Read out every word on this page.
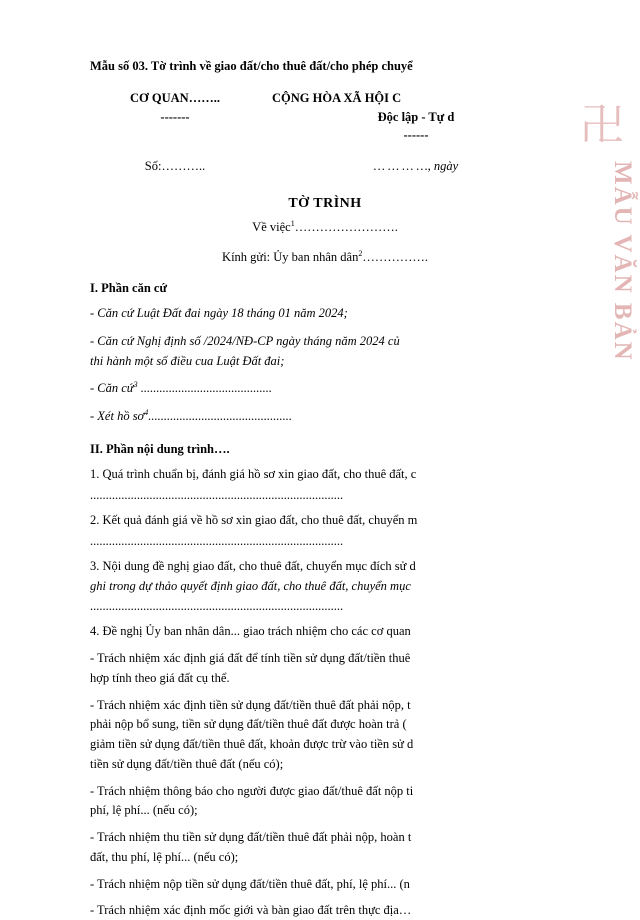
卍
MẪU VĂN BẢN
Mẫu số 03. Tờ trình về giao đất/cho thuê đất/cho phép chuyể
CƠ QUAN……..
-------
CỘNG HÒA XÃ HỘI C
Độc lập - Tự d
------
Số:………..	… … … …, ngày
TỜ TRÌNH
Về việc$^1$…………………….
Kính gửi: Ủy ban nhân dân$^2$…………….
I. Phần căn cứ

- Căn cứ Luật Đất đai ngày 18 tháng 01 năm 2024;

- Căn cứ Nghị định số /2024/NĐ-CP ngày tháng năm 2024 củ

thi hành một số điều cua Luật Đất đai;

- Căn cứ$^3$ ..........................................

- Xét hồ $sơ^4$..............................................

II. Phần nội dung trình….

1. Quá trình chuẩn bị, đánh giá hồ sơ xin giao đất, cho thuê đất, c

.................................................................................

2. Kết quả đánh giá về hồ sơ xin giao đất, cho thuê đất, chuyển m

.................................................................................

3. Nội dung đề nghị giao đất, cho thuê đất, chuyển mục đích sử d

ghi trong dự thảo quyết định giao đất, cho thuê đất, chuyển mục

.................................................................................

4. Đề nghị Ủy ban nhân dân... giao trách nhiệm cho các cơ quan

- Trách nhiệm xác định giá đất để tính tiền sử dụng đất/tiền thuê

hợp tính theo giá đất cụ thể.

- Trách nhiệm xác định tiền sử dụng đất/tiền thuê đất phải nộp, t

phải nộp bổ sung, tiền sử dụng đất/tiền thuê đất được hoàn trả (

giảm tiền sử dụng đất/tiền thuê đất, khoản được trừ vào tiền sử d

tiền sử dụng đất/tiền thuê đất (nếu có);

- Trách nhiệm thông báo cho người được giao đất/thuê đất nộp ti

phí, lệ phí... (nếu có);

- Trách nhiệm thu tiền sử dụng đất/tiền thuê đất phải nộp, hoàn t

đất, thu phí, lệ phí... (nếu có);

- Trách nhiệm nộp tiền sử dụng đất/tiền thuê đất, phí, lệ phí... (n

- Trách nhiệm xác định mốc giới và bàn giao đất trên thực địa…
